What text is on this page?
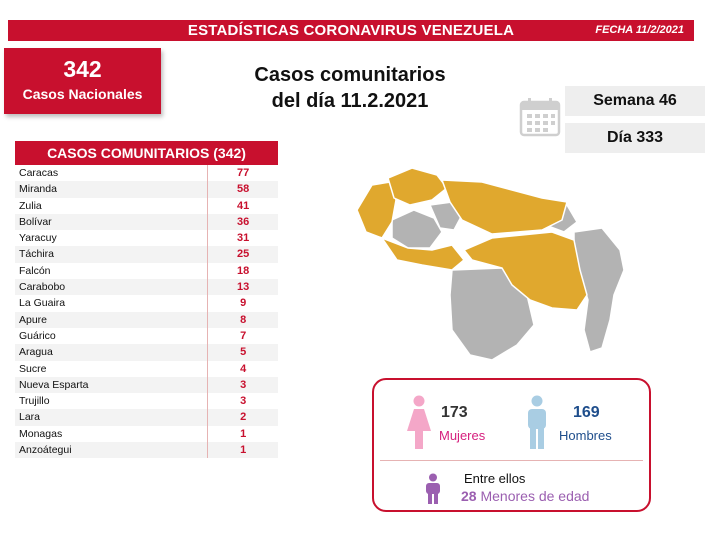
ESTADÍSTICAS CORONAVIRUS VENEZUELA	FECHA 11/2/2021
342
Casos Nacionales
Casos comunitarios
del día 11.2.2021	Semana 46
Día 333
CASOS COMUNITARIOS (342)
Caracas	77
Miranda	58
Zulia	41
Bolívar	36
Yaracuy	31
Táchira	25
Falcón	18
Carabobo	13
La Guaira	9
Apure	8
Guárico	7
Aragua	5
Sucre	4
Nueva Esparta	3
Trujillo	3
Lara	2
Monagas	1
Anzoátegui	1
173
Mujeres
169
Hombres
Entre ellos
28 Menores de edad
